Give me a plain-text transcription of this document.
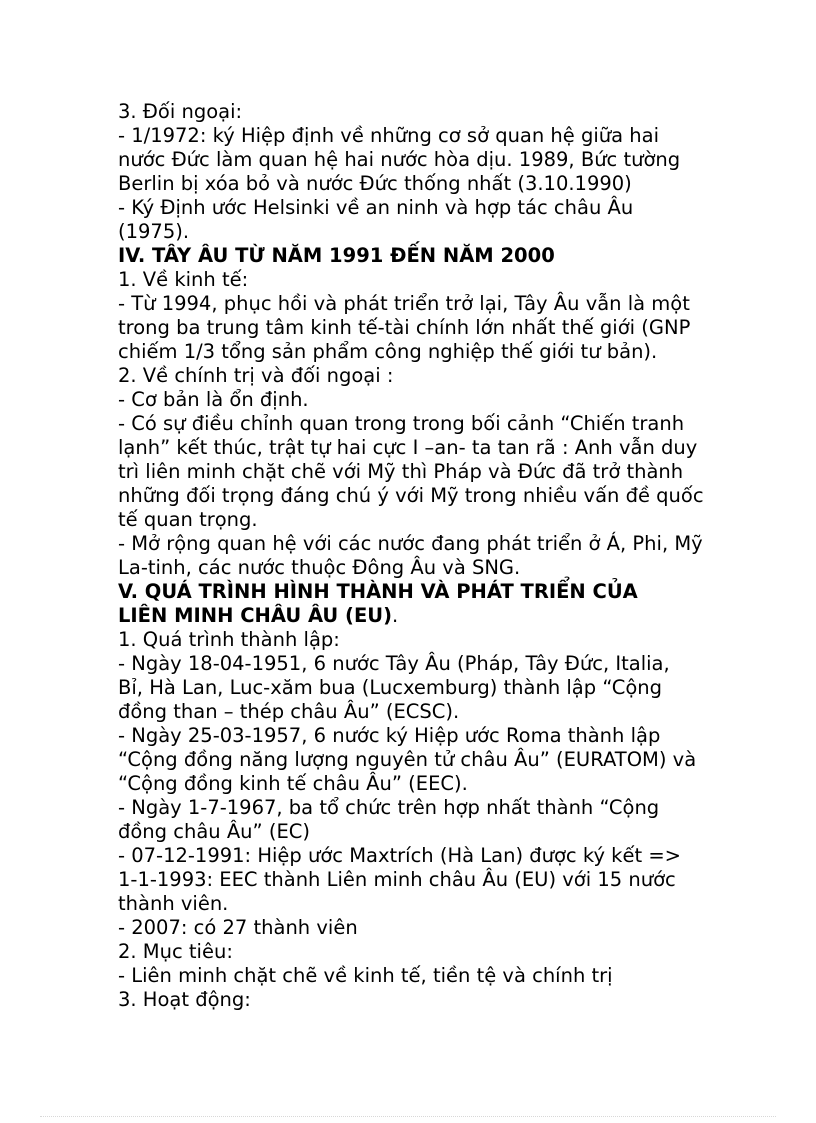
3. Đối ngoại:
- 1/1972: ký Hiệp định về những cơ sở quan hệ giữa hai
nước Đức làm quan hệ hai nước hòa dịu. 1989, Bức tường
Berlin bị xóa bỏ và nước Đức thống nhất (3.10.1990)
- Ký Định ước Helsinki về an ninh và hợp tác châu Âu
(1975).
IV. TÂY ÂU TỪ NĂM 1991 ĐẾN NĂM 2000
1. Về kinh tế:
- Từ 1994, phục hồi và phát triển trở lại, Tây Âu vẫn là một
trong ba trung tâm kinh tế-tài chính lớn nhất thế giới (GNP
chiếm 1/3 tổng sản phẩm công nghiệp thế giới tư bản).
2. Về chính trị và đối ngoại :
- Cơ bản là ổn định.
- Có sự điều chỉnh quan trong trong bối cảnh “Chiến tranh
lạnh” kết thúc, trật tự hai cực I –an- ta tan rã : Anh vẫn duy
trì liên minh chặt chẽ với Mỹ thì Pháp và Đức đã trở thành
những đối trọng đáng chú ý với Mỹ trong nhiều vấn đề quốc
tế quan trọng.
- Mở rộng quan hệ với các nước đang phát triển ở Á, Phi, Mỹ
La-tinh, các nước thuộc Đông Âu và SNG.
V. QUÁ TRÌNH HÌNH THÀNH VÀ PHÁT TRIỂN CỦA
LIÊN MINH CHÂU ÂU (EU).
1. Quá trình thành lập:
- Ngày 18-04-1951, 6 nước Tây Âu (Pháp, Tây Đức, Italia,
Bỉ, Hà Lan, Luc-xăm bua (Lucxemburg) thành lập “Cộng
đồng than – thép châu Âu” (ECSC).
- Ngày 25-03-1957, 6 nước ký Hiệp ước Roma thành lập
“Cộng đồng năng lượng nguyên tử châu Âu” (EURATOM) và
“Cộng đồng kinh tế châu Âu” (EEC).
- Ngày 1-7-1967, ba tổ chức trên hợp nhất thành “Cộng
đồng châu Âu” (EC)
- 07-12-1991: Hiệp ước Maxtrích (Hà Lan) được ký kết =>
1-1-1993: EEC thành Liên minh châu Âu (EU) với 15 nước
thành viên.
- 2007: có 27 thành viên
2. Mục tiêu:
- Liên minh chặt chẽ về kinh tế, tiền tệ và chính trị
3. Hoạt động:
